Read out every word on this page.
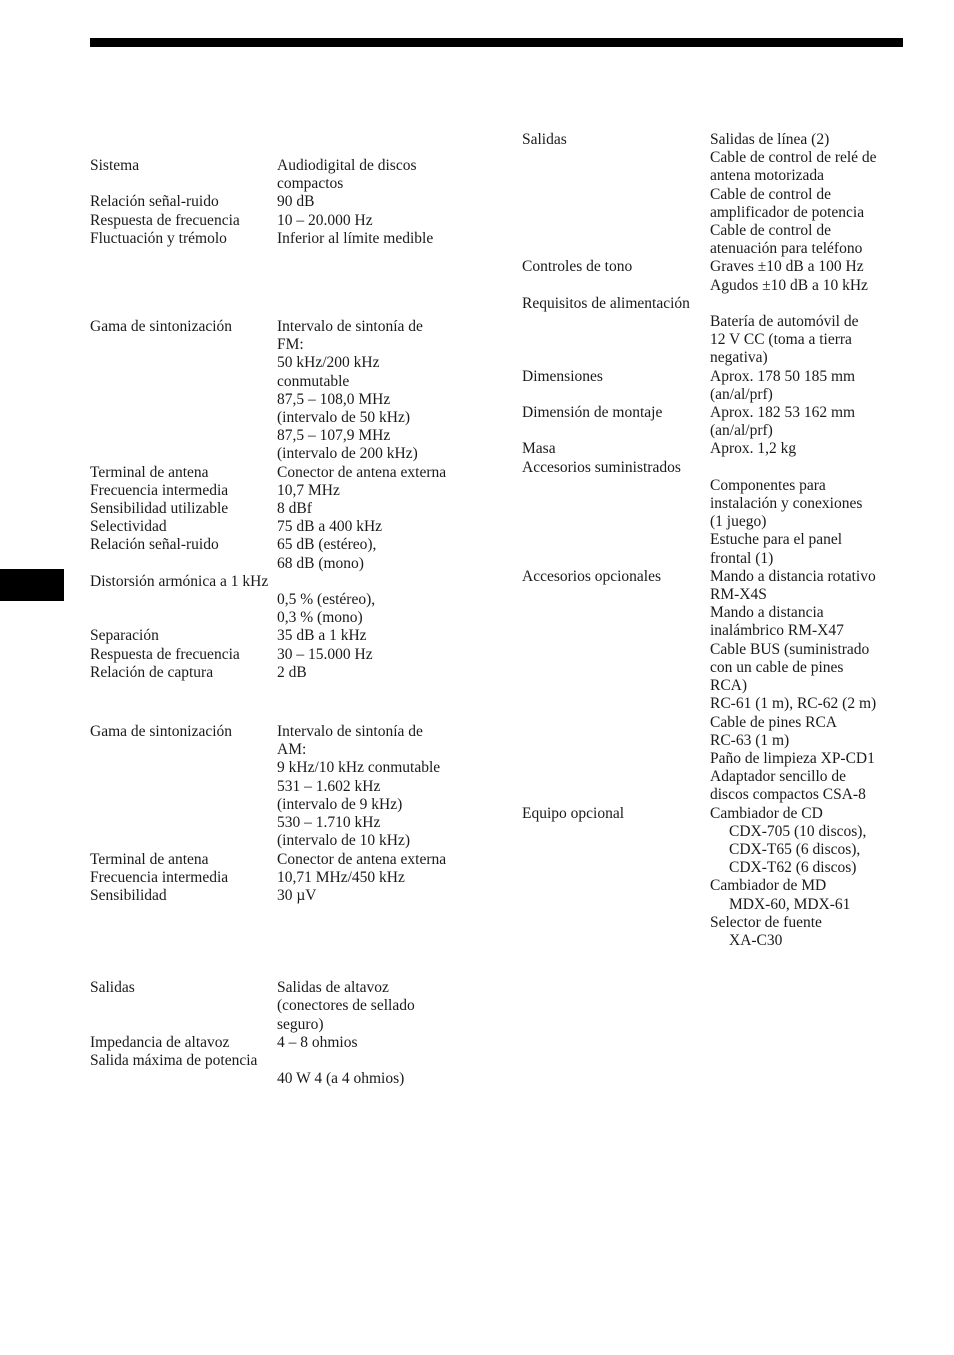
Sistema	Audiodigital de discos
compactos
Relación señal-ruido	90 dB
Respuesta de frecuencia 10 – 20.000 Hz
Fluctuación y trémolo	Inferior al límite medible
Gama de sintonización	Intervalo de sintonía de
FM:
50 kHz/200 kHz
conmutable
87,5 – 108,0 MHz
(intervalo de 50 kHz)
87,5 – 107,9 MHz
(intervalo de 200 kHz)
Terminal de antena	Conector de antena externa
Frecuencia intermedia	10,7 MHz
Sensibilidad utilizable	8 dBf
Selectividad	75 dB a 400 kHz
Relación señal-ruido	65 dB (estéreo),
68 dB (mono)
Distorsión armónica a 1 kHz
0,5 % (estéreo),
0,3 % (mono)
Separación	35 dB a 1 kHz
Respuesta de frecuencia 30 – 15.000 Hz
Relación de captura	2 dB
Gama de sintonización	Intervalo de sintonía de
AM:
9 kHz/10 kHz conmutable
531 – 1.602 kHz
(intervalo de 9 kHz)
530 – 1.710 kHz
(intervalo de 10 kHz)
Terminal de antena	Conector de antena externa
Frecuencia intermedia	10,71 MHz/450 kHz
Sensibilidad	30 µV
Salidas	Salidas de altavoz
(conectores de sellado
seguro)
Impedancia de altavoz	4 – 8 ohmios
Salida máxima de potencia
40 W 4 (a 4 ohmios)
Salidas	Salidas de línea (2)
Cable de control de relé de
antena motorizada
Cable de control de
amplificador de potencia
Cable de control de
atenuación para teléfono
Controles de tono	Graves ±10 dB a 100 Hz
Agudos ±10 dB a 10 kHz
Requisitos de alimentación
Batería de automóvil de
12 V CC (toma a tierra
negativa)
Dimensiones	Aprox. 178 50 185 mm
(an/al/prf)
Dimensión de montaje	Aprox. 182 53 162 mm
(an/al/prf)
Masa	Aprox. 1,2 kg
Accesorios suministrados
Componentes para
instalación y conexiones
(1 juego)
Estuche para el panel
frontal (1)
Accesorios opcionales	Mando a distancia rotativo
RM-X4S
Mando a distancia
inalámbrico RM-X47
Cable BUS (suministrado
con un cable de pines
RCA)
RC-61 (1 m), RC-62 (2 m)
Cable de pines RCA
RC-63 (1 m)
Paño de limpieza XP-CD1
Adaptador sencillo de
discos compactos CSA-8
Equipo opcional	Cambiador de CD
CDX-705 (10 discos),
CDX-T65 (6 discos),
CDX-T62 (6 discos)
Cambiador de MD
MDX-60, MDX-61
Selector de fuente
XA-C30
